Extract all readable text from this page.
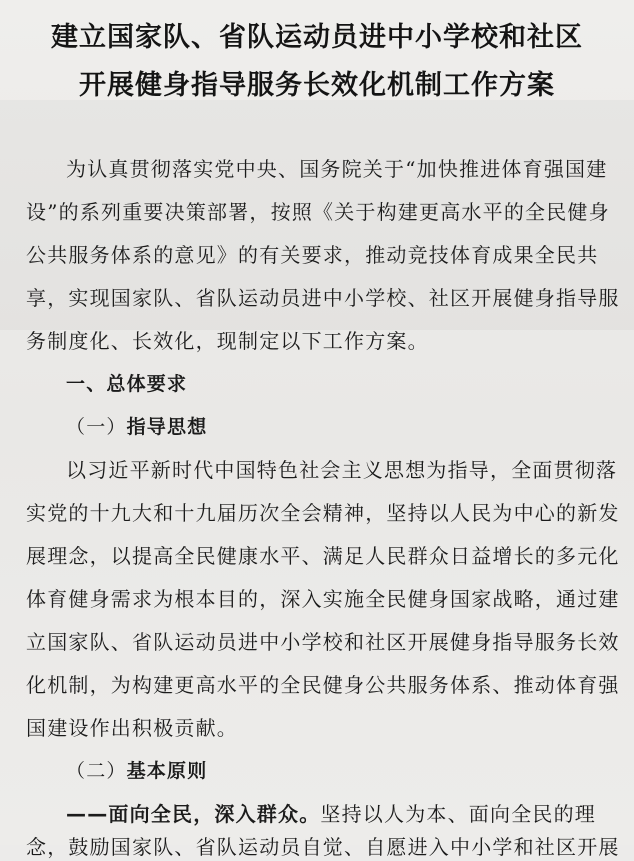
建立国家队、省队运动员进中小学校和社区
开展健身指导服务长效化机制工作方案
为认真贯彻落实党中央、国务院关于“加快推进体育强国建
设”的系列重要决策部署，按照《关于构建更高水平的全民健身
公共服务体系的意见》的有关要求，推动竞技体育成果全民共
享，实现国家队、省队运动员进中小学校、社区开展健身指导服
务制度化、长效化，现制定以下工作方案。
一、总体要求
（一）指导思想
以习近平新时代中国特色社会主义思想为指导，全面贯彻落
实党的十九大和十九届历次全会精神，坚持以人民为中心的新发
展理念，以提高全民健康水平、满足人民群众日益增长的多元化
体育健身需求为根本目的，深入实施全民健身国家战略，通过建
立国家队、省队运动员进中小学校和社区开展健身指导服务长效
化机制，为构建更高水平的全民健身公共服务体系、推动体育强
国建设作出积极贡献。
（二）基本原则
——面向全民，深入群众。坚持以人为本、面向全民的理
念，鼓励国家队、省队运动员自觉、自愿进入中小学和社区开展
